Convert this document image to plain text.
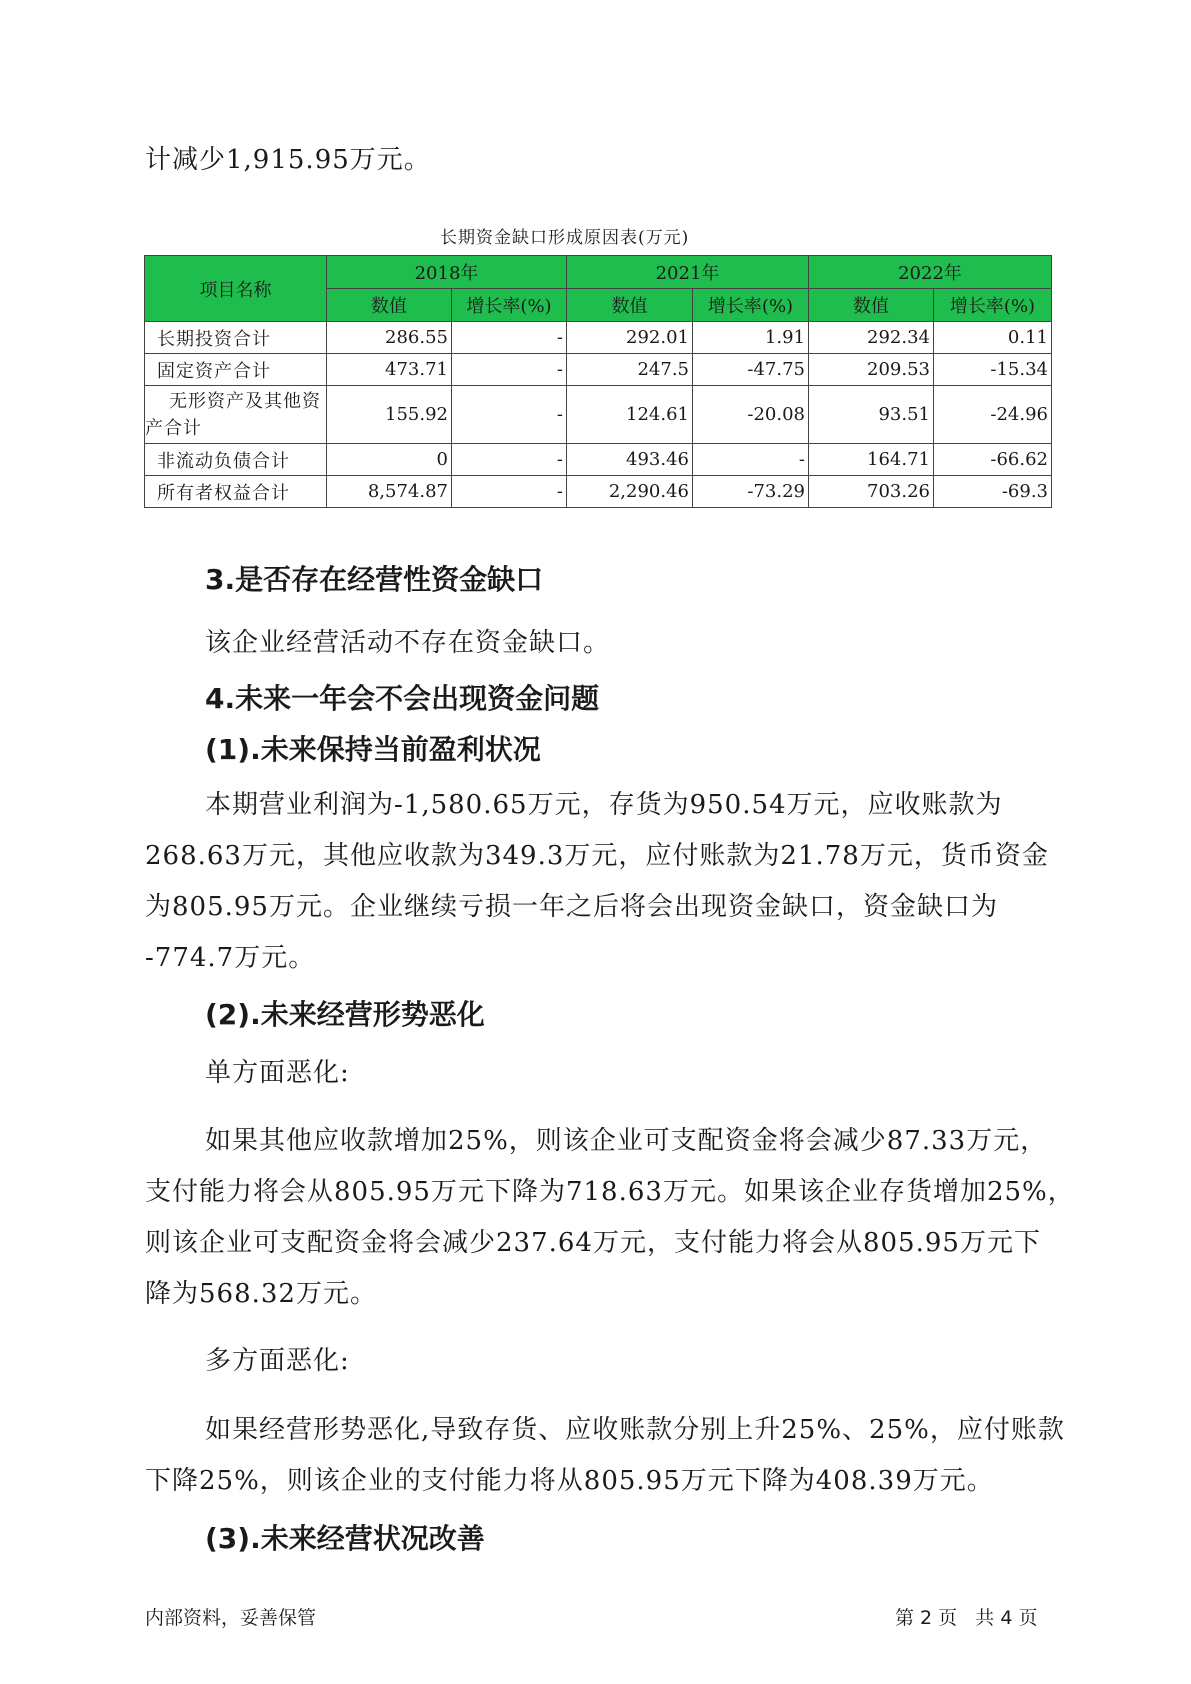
计减少1,915.95万元。
长期资金缺口形成原因表(万元)
项目名称	2018年		2021年		2022年	
	数值	增长率(%)	数值	增长率(%)	数值	增长率(%)
长期投资合计	286.55	-	292.01	1.91	292.34	0.11
固定资产合计	473.71	-	247.5	-47.75	209.53	-15.34

无形资产及其他资
产合计	155.92	-	124.61	-20.08	93.51	-24.96
非流动负债合计	0	-	493.46	-	164.71	-66.62
所有者权益合计	8,574.87	-	2,290.46	-73.29	703.26	-69.3
3.是否存在经营性资金缺口
该企业经营活动不存在资金缺口。
4.未来一年会不会出现资金问题
(1).未来保持当前盈利状况
本期营业利润为-1,580.65万元，存货为950.54万元，应收账款为
268.63万元，其他应收款为349.3万元，应付账款为21.78万元，货币资金
为805.95万元。企业继续亏损一年之后将会出现资金缺口，资金缺口为
-774.7万元。
(2).未来经营形势恶化
单方面恶化:
如果其他应收款增加25%，则该企业可支配资金将会减少87.33万元，
支付能力将会从805.95万元下降为718.63万元。如果该企业存货增加25%，
则该企业可支配资金将会减少237.64万元，支付能力将会从805.95万元下
降为568.32万元。
多方面恶化:
如果经营形势恶化,导致存货、应收账款分别上升25%、25%，应付账款
下降25%，则该企业的支付能力将从805.95万元下降为408.39万元。
(3).未来经营状况改善
内部资料，妥善保管	第 2 页   共 4 页
